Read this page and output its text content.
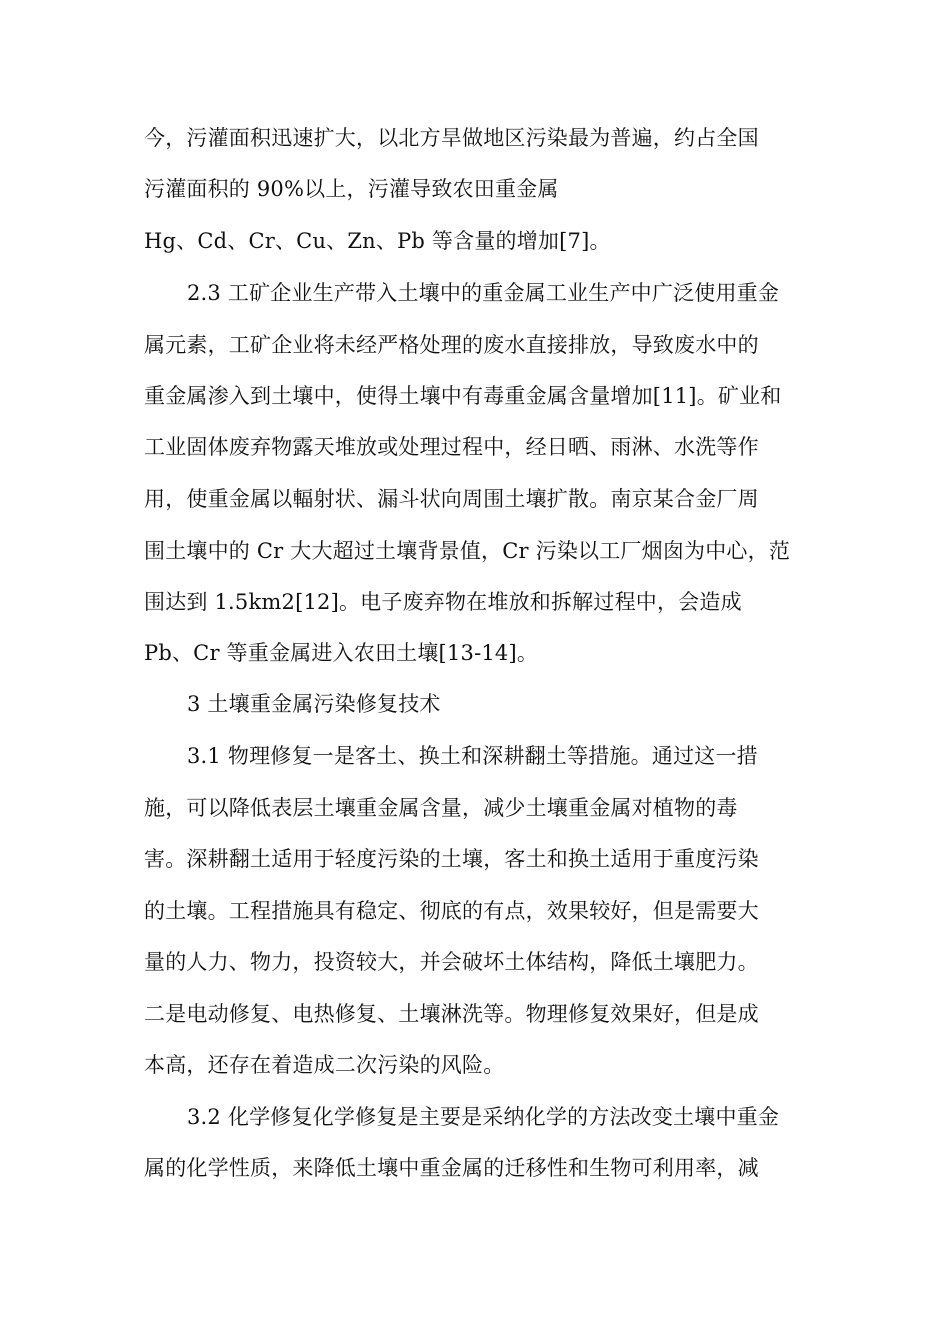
今，污灌面积迅速扩大，以北方旱做地区污染最为普遍，约占全国
污灌面积的 90%以上，污灌导致农田重金属
Hg、Cd、Cr、Cu、Zn、Pb 等含量的增加[7]。
2.3 工矿企业生产带入土壤中的重金属工业生产中广泛使用重金
属元素，工矿企业将未经严格处理的废水直接排放，导致废水中的
重金属渗入到土壤中，使得土壤中有毒重金属含量增加[11]。矿业和
工业固体废弃物露天堆放或处理过程中，经日晒、雨淋、水洗等作
用，使重金属以輻射状、漏斗状向周围土壤扩散。南京某合金厂周
围土壤中的 Cr 大大超过土壤背景值，Cr 污染以工厂烟囱为中心，范
围达到 1.5km2[12]。电子废弃物在堆放和拆解过程中，会造成
Pb、Cr 等重金属进入农田土壤[13-14]。
3 土壤重金属污染修复技术
3.1 物理修复一是客土、换土和深耕翻土等措施。通过这一措
施，可以降低表层土壤重金属含量，减少土壤重金属对植物的毒
害。深耕翻土适用于轻度污染的土壤，客土和换土适用于重度污染
的土壤。工程措施具有稳定、彻底的有点，效果较好，但是需要大
量的人力、物力，投资较大，并会破坏土体结构，降低土壤肥力。
二是电动修复、电热修复、土壤淋洗等。物理修复效果好，但是成
本高，还存在着造成二次污染的风险。
3.2 化学修复化学修复是主要是采纳化学的方法改变土壤中重金
属的化学性质，来降低土壤中重金属的迁移性和生物可利用率，减
